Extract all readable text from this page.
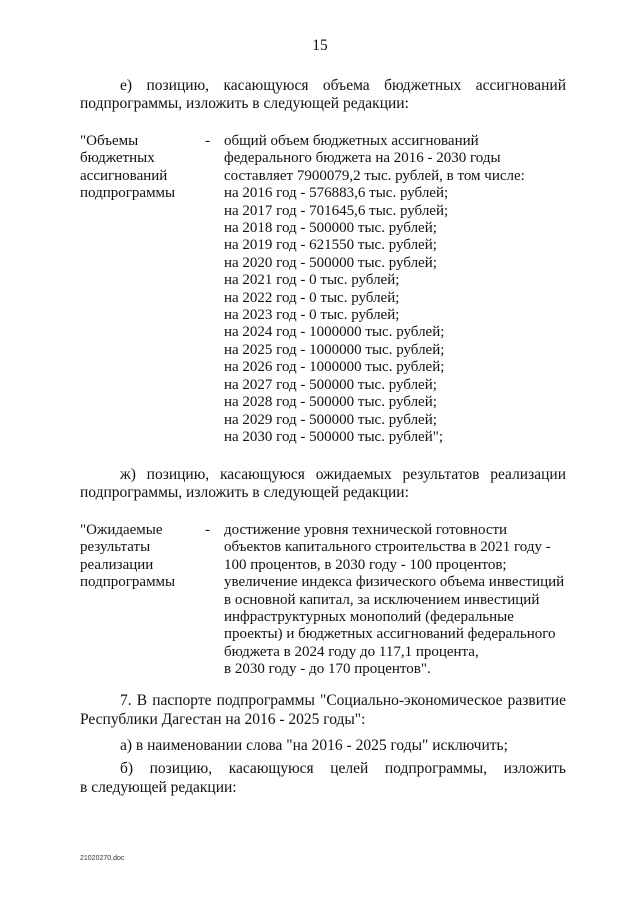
15
е) позицию, касающуюся объема бюджетных ассигнований
подпрограммы, изложить в следующей редакции:
"Объемы
бюджетных
ассигнований
подпрограммы
- общий объем бюджетных ассигнований
федерального бюджета на 2016 - 2030 годы
составляет 7900079,2 тыс. рублей, в том числе:
на 2016 год - 576883,6 тыс. рублей;
на 2017 год - 701645,6 тыс. рублей;
на 2018 год - 500000 тыс. рублей;
на 2019 год - 621550 тыс. рублей;
на 2020 год - 500000 тыс. рублей;
на 2021 год - 0 тыс. рублей;
на 2022 год - 0 тыс. рублей;
на 2023 год - 0 тыс. рублей;
на 2024 год - 1000000 тыс. рублей;
на 2025 год - 1000000 тыс. рублей;
на 2026 год - 1000000 тыс. рублей;
на 2027 год - 500000 тыс. рублей;
на 2028 год - 500000 тыс. рублей;
на 2029 год - 500000 тыс. рублей;
на 2030 год - 500000 тыс. рублей";
ж) позицию, касающуюся ожидаемых результатов реализации
подпрограммы, изложить в следующей редакции:
"Ожидаемые
результаты
реализации
подпрограммы
- достижение уровня технической готовности
объектов капитального строительства в 2021 году -
100 процентов, в 2030 году - 100 процентов;
увеличение индекса физического объема инвестиций
в основной капитал, за исключением инвестиций
инфраструктурных монополий (федеральные
проекты) и бюджетных ассигнований федерального
бюджета в 2024 году до 117,1 процента,
в 2030 году - до 170 процентов".
7. В паспорте подпрограммы "Социально-экономическое развитие
Республики Дагестан на 2016 - 2025 годы":
а) в наименовании слова "на 2016 - 2025 годы" исключить;
б) позицию, касающуюся целей подпрограммы, изложить
в следующей редакции:
21020270.doc
